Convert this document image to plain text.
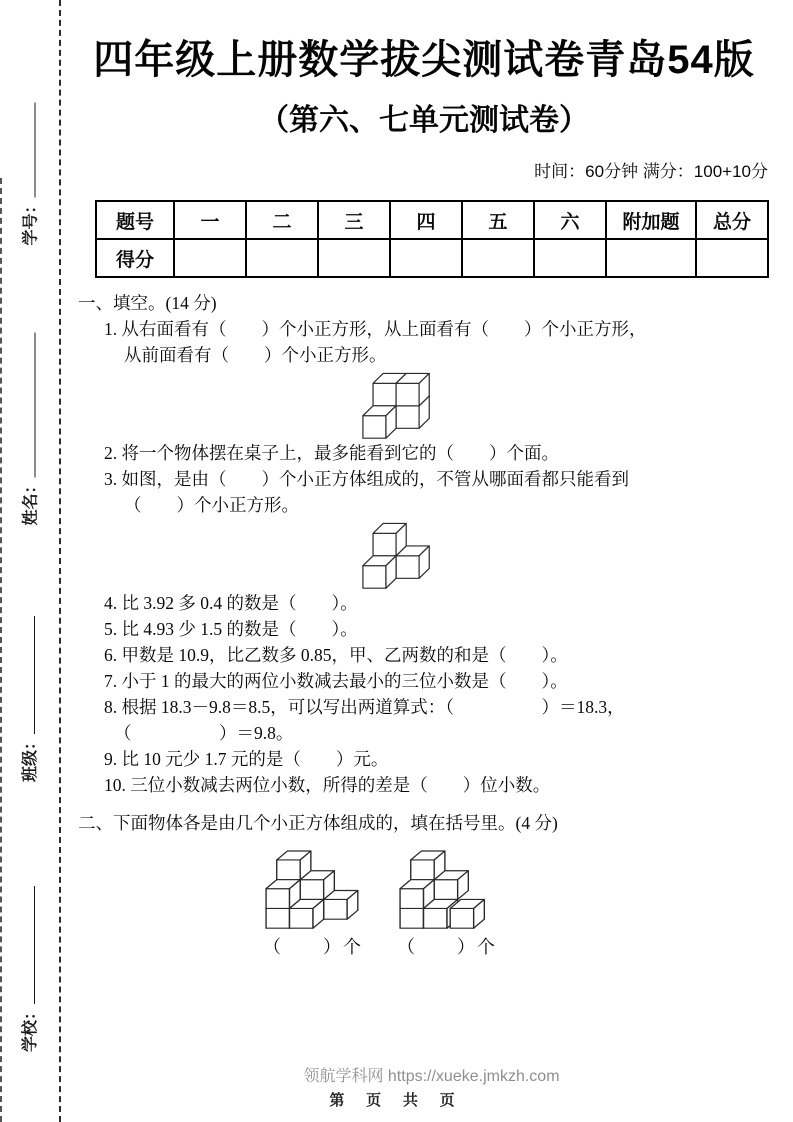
学号：
姓名：
班级：
学校：
四年级上册数学拔尖测试卷青岛54版
（第六、七单元测试卷）
时间：60分钟 满分：100+10分
题号	一	二	三	四	五	六	附加题	总分
得分								
一、填空。(14 分)

1. 从右面看有（　　）个小正方形，从上面看有（　　）个小正方形，

从前面看有（　　）个小正方形。

2. 将一个物体摆在桌子上，最多能看到它的（　　）个面。

3. 如图，是由（　　）个小正方体组成的，不管从哪面看都只能看到

（　　）个小正方形。

4. 比 3.92 多 0.4 的数是（　　）。

5. 比 4.93 少 1.5 的数是（　　）。

6. 甲数是 10.9，比乙数多 0.85，甲、乙两数的和是（　　）。

7. 小于 1 的最大的两位小数减去最小的三位小数是（　　）。

8. 根据 18.3－9.8＝8.5，可以写出两道算式：（　　　　　）＝18.3，

（　　　　　）＝9.8。

9. 比 10 元少 1.7 元的是（　　）元。

10. 三位小数减去两位小数，所得的差是（　　）位小数。

二、下面物体各是由几个小正方体组成的，填在括号里。(4 分)
（　　）个 （　　）个
领航学科网 https://xueke.jmkzh.com
第 页 共 页
